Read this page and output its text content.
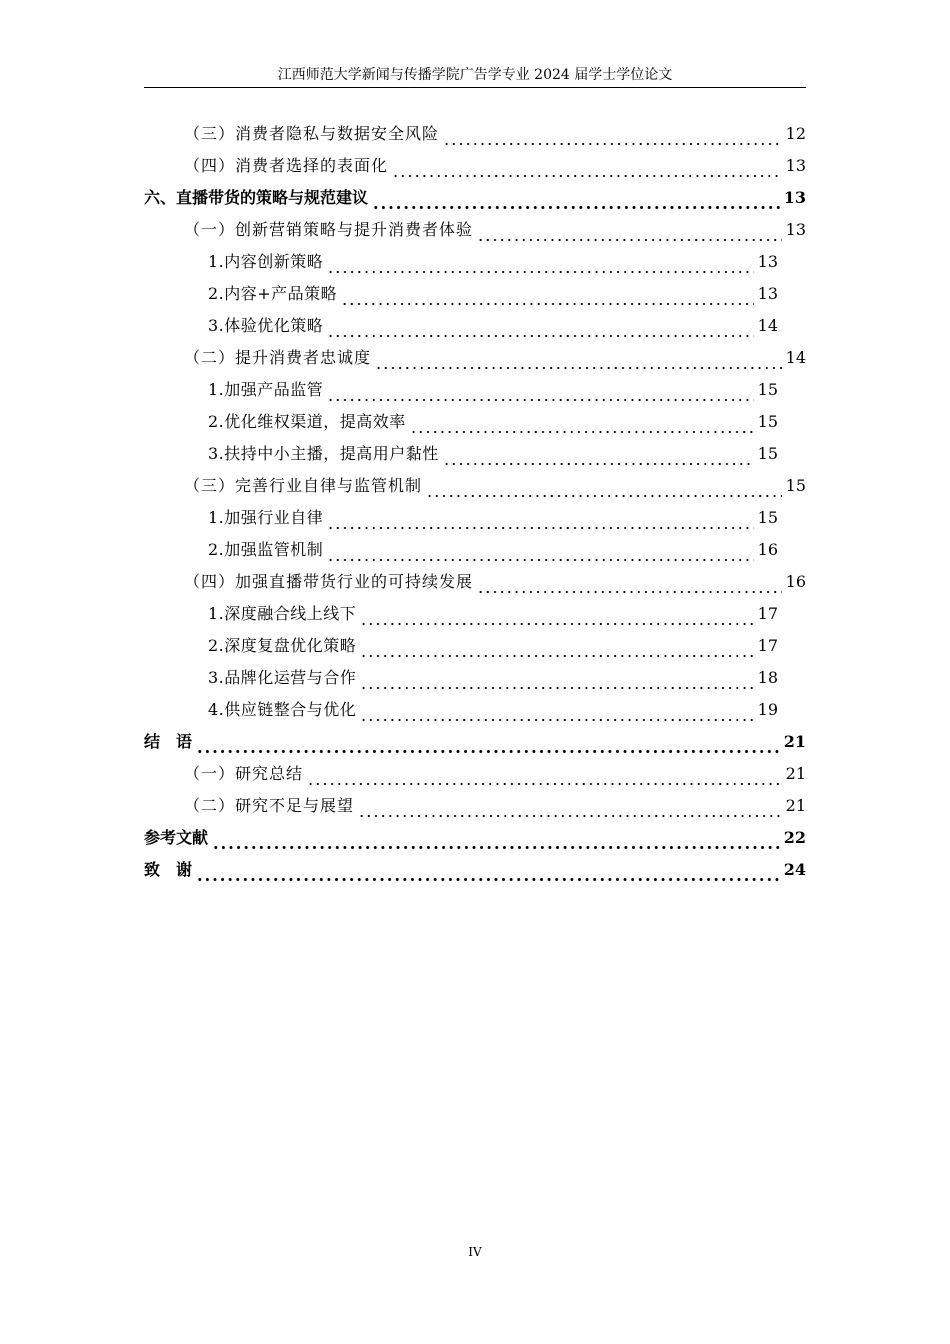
江西师范大学新闻与传播学院广告学专业 2024 届学士学位论文
（三）消费者隐私与数据安全风险	12
（四）消费者选择的表面化	13
六、直播带货的策略与规范建议	13
（一）创新营销策略与提升消费者体验	13
1.内容创新策略	13
2.内容+产品策略	13
3.体验优化策略	14
（二）提升消费者忠诚度	14
1.加强产品监管	15
2.优化维权渠道，提高效率	15
3.扶持中小主播，提高用户黏性	15
（三）完善行业自律与监管机制	15
1.加强行业自律	15
2.加强监管机制	16
（四）加强直播带货行业的可持续发展	16
1.深度融合线上线下	17
2.深度复盘优化策略	17
3.品牌化运营与合作	18
4.供应链整合与优化	19
结　语	21
（一）研究总结	21
（二）研究不足与展望	21
参考文献	22
致　谢	24
IV
